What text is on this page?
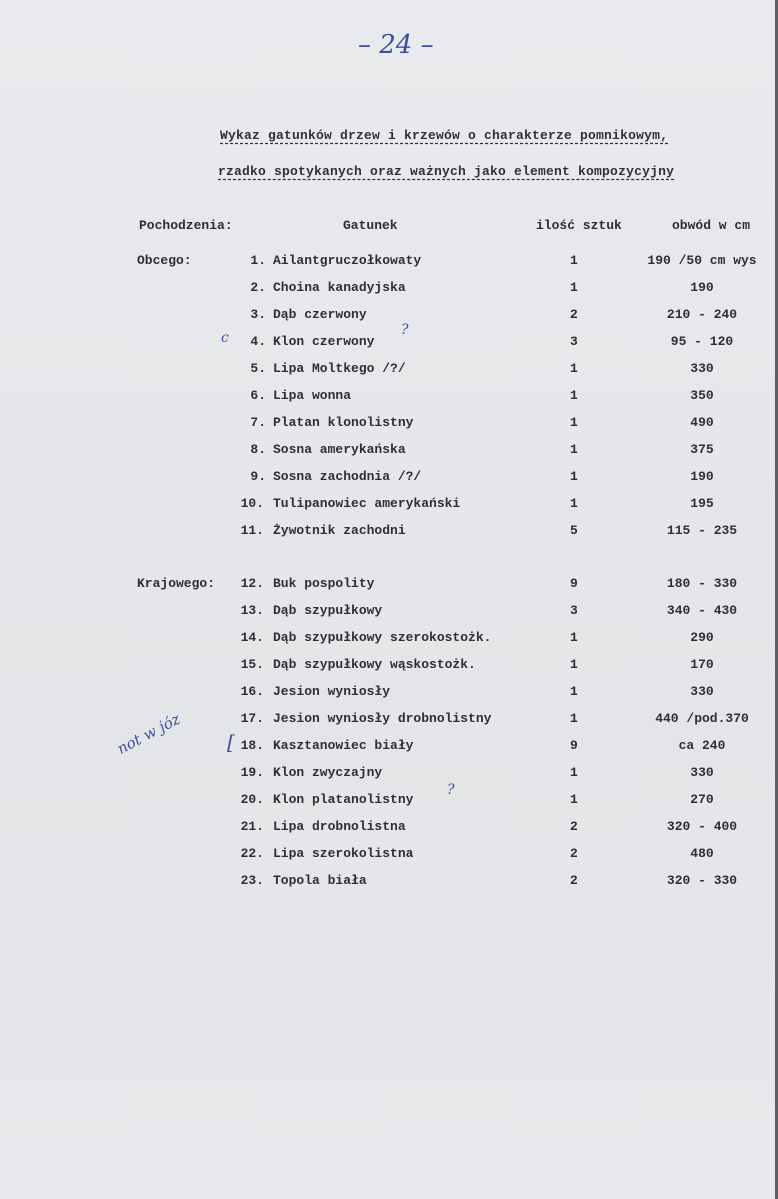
– 24 –
Wykaz gatunków drzew i krzewów o charakterze pomnikowym,
rzadko spotykanych oraz ważnych jako element kompozycyjny
Pochodzenia:	Gatunek	ilość sztuk	obwód w cm
Obcego:	1. Ailantgruczołkowaty	1	190 /50 cm wys
2. Choina kanadyjska	1	190
3. Dąb czerwony	2	210 - 240
4. Klon czerwony	3	95 - 120
5. Lipa Moltkego /?/	1	330
6. Lipa wonna	1	350
7. Platan klonolistny	1	490
8. Sosna amerykańska	1	375
9. Sosna zachodnia /?/	1	190
10. Tulipanowiec amerykański	1	195
11. Żywotnik zachodni	5	115 - 235
Krajowego: 12. Buk pospolity	9	180 - 330
13. Dąb szypułkowy	3	340 - 430
14. Dąb szypułkowy szerokostożk.	1	290
15. Dąb szypułkowy wąskostożk.	1	170
16. Jesion wyniosły	1	330
17. Jesion wyniosły drobnolistny	1	440 /pod.370
18. Kasztanowiec biały	9	ca 240
19. Klon zwyczajny	1	330
20. Klon platanolistny	1	270
21. Lipa drobnolistna	2	320 - 400
22. Lipa szerokolistna	2	480
23. Topola biała	2	320 - 330
c	?
?
not w józ [
